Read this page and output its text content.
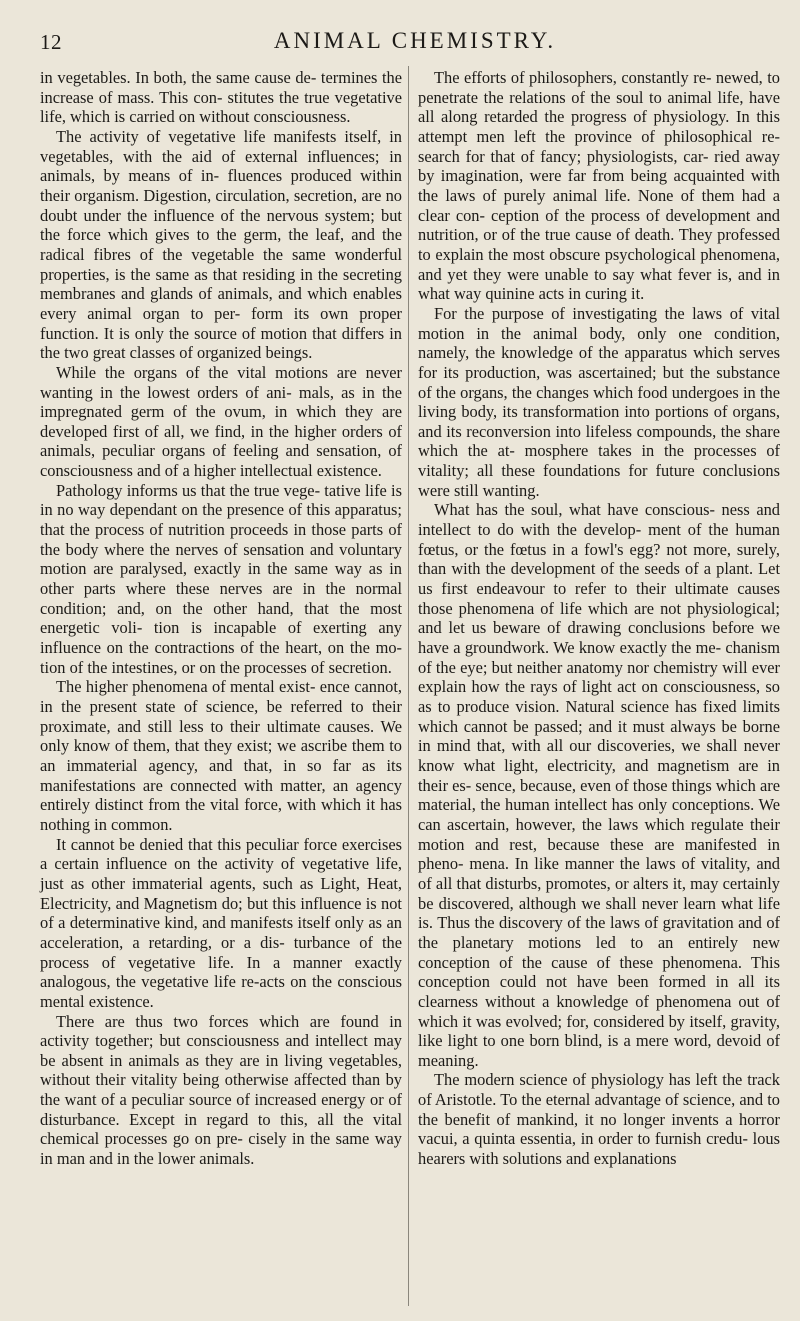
12	ANIMAL CHEMISTRY.

in vegetables. In both, the same cause de- termines the increase of mass. This con- stitutes the true vegetative life, which is carried on without consciousness.

The activity of vegetative life manifests itself, in vegetables, with the aid of external influences; in animals, by means of in- fluences produced within their organism. Digestion, circulation, secretion, are no doubt under the influence of the nervous system; but the force which gives to the germ, the leaf, and the radical fibres of the vegetable the same wonderful properties, is the same as that residing in the secreting membranes and glands of animals, and which enables every animal organ to per- form its own proper function. It is only the source of motion that differs in the two great classes of organized beings.

While the organs of the vital motions are never wanting in the lowest orders of ani- mals, as in the impregnated germ of the ovum, in which they are developed first of all, we find, in the higher orders of animals, peculiar organs of feeling and sensation, of consciousness and of a higher intellectual existence.

Pathology informs us that the true vege- tative life is in no way dependant on the presence of this apparatus; that the process of nutrition proceeds in those parts of the body where the nerves of sensation and voluntary motion are paralysed, exactly in the same way as in other parts where these nerves are in the normal condition; and, on the other hand, that the most energetic voli- tion is incapable of exerting any influence on the contractions of the heart, on the mo- tion of the intestines, or on the processes of secretion.

The higher phenomena of mental exist- ence cannot, in the present state of science, be referred to their proximate, and still less to their ultimate causes. We only know of them, that they exist; we ascribe them to an immaterial agency, and that, in so far as its manifestations are connected with matter, an agency entirely distinct from the vital force, with which it has nothing in common.

It cannot be denied that this peculiar force exercises a certain influence on the activity of vegetative life, just as other immaterial agents, such as Light, Heat, Electricity, and Magnetism do; but this influence is not of a determinative kind, and manifests itself only as an acceleration, a retarding, or a dis- turbance of the process of vegetative life. In a manner exactly analogous, the vegetative life re-acts on the conscious mental existence.

There are thus two forces which are found in activity together; but consciousness and intellect may be absent in animals as they are in living vegetables, without their vitality being otherwise affected than by the want of a peculiar source of increased energy or of disturbance. Except in regard to this, all the vital chemical processes go on pre- cisely in the same way in man and in the lower animals.

The efforts of philosophers, constantly re- newed, to penetrate the relations of the soul to animal life, have all along retarded the progress of physiology. In this attempt men left the province of philosophical re- search for that of fancy; physiologists, car- ried away by imagination, were far from being acquainted with the laws of purely animal life. None of them had a clear con- ception of the process of development and nutrition, or of the true cause of death. They professed to explain the most obscure psychological phenomena, and yet they were unable to say what fever is, and in what way quinine acts in curing it.

For the purpose of investigating the laws of vital motion in the animal body, only one condition, namely, the knowledge of the apparatus which serves for its production, was ascertained; but the substance of the organs, the changes which food undergoes in the living body, its transformation into portions of organs, and its reconversion into lifeless compounds, the share which the at- mosphere takes in the processes of vitality; all these foundations for future conclusions were still wanting.

What has the soul, what have conscious- ness and intellect to do with the develop- ment of the human fœtus, or the fœtus in a fowl's egg? not more, surely, than with the development of the seeds of a plant. Let us first endeavour to refer to their ultimate causes those phenomena of life which are not physiological; and let us beware of drawing conclusions before we have a groundwork. We know exactly the me- chanism of the eye; but neither anatomy nor chemistry will ever explain how the rays of light act on consciousness, so as to produce vision. Natural science has fixed limits which cannot be passed; and it must always be borne in mind that, with all our discoveries, we shall never know what light, electricity, and magnetism are in their es- sence, because, even of those things which are material, the human intellect has only conceptions. We can ascertain, however, the laws which regulate their motion and rest, because these are manifested in pheno- mena. In like manner the laws of vitality, and of all that disturbs, promotes, or alters it, may certainly be discovered, although we shall never learn what life is. Thus the discovery of the laws of gravitation and of the planetary motions led to an entirely new conception of the cause of these phenomena. This conception could not have been formed in all its clearness without a knowledge of phenomena out of which it was evolved; for, considered by itself, gravity, like light to one born blind, is a mere word, devoid of meaning.

The modern science of physiology has left the track of Aristotle. To the eternal advantage of science, and to the benefit of mankind, it no longer invents a horror vacui, a quinta essentia, in order to furnish credu- lous hearers with solutions and explanations
